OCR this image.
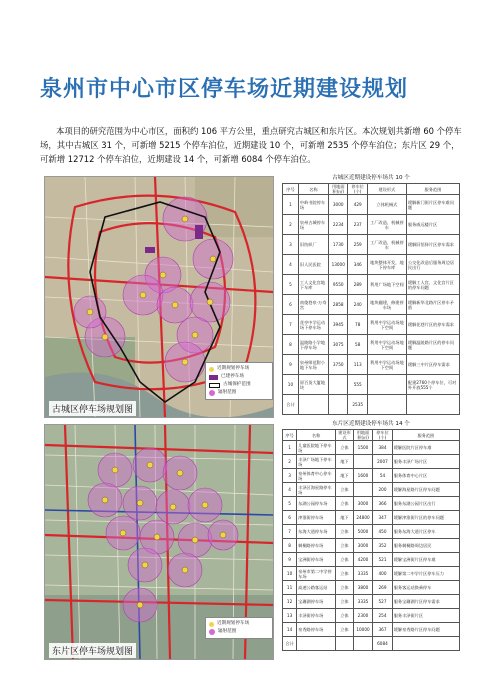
泉州市中心市区停车场近期建设规划
本项目的研究范围为中心市区，面积约 106 平方公里，重点研究古城区和东片区。本次规划共新增 60 个停车场，其中古城区 31 个，可新增 5215 个停车泊位，近期建设 10 个，可新增 2535 个停车泊位；东片区 29 个，可新增 12712 个停车泊位，近期建设 14 个，可新增 6084 个停车泊位。
近期规划停车场
已建停车场
古城保护范围
辐射范围
古城区停车场规划图
古城区近期建设停车场共 10 个
序号	名称	用地面积(㎡)	停车位(个)	建设形式	服务范围
1	中岭书院停车场	3000	429	立体机械式	缓解新门街片区停车难问题
2	泉州古城停车场	2234	237	工厂改造，机械停车	服务威远楼片区
3	旧纺织厂	1730	259	工厂改造，机械停车	缓解旧馆驿片区停车需求
4	旧人民医院	13000	346	地块整体开发，地下停车库	公交化改造后服务周边居民出行
5	工人文化宫地下车库	9550	289	利用广场地下空间	缓解工人宫、文化宫片区的停车问题
6	南俊巷泉·万寿宫	2858	240	地块翻建，修建停车场	缓解新华北路片区停车矛盾
7	花亭中学运动场下停车场	3945	78	利用中学运动场地下空间	缓解花巷片区的停车需求
8	温陵路小学地下停车场	3075	58	利用中学运动场地下空间	缓解温陵路片区的停车问题
9	泉州师范附小地下车场	3750	113	利用中学运动场地下空间	缓解三中片区停车需求
10	原百货大厦地块		555		配建2760个停车位，可对外开放555个
合计			2535		
近期规划停车场
辐射范围
东片区停车场规划图
东片区近期建设停车场共 14 个
序号	名称	建设形式	用地面积(㎡)	停车位(个)	服务范围
1	儿童医院地下停车场	立体	1500	384	缓解医院片区停车难
2	丰泽广场地下停车场	地下		2007	服务丰泽广场片区
3	泉州体育中心停车场	地下	1600	54	服务体育中心片区
4	丰泽区海星路停车场	立体		200	缓解海星路片区停车问题
5	东湖公园停车场	立体	3000	366	服务东湖公园片区出行
6	津淮街停车场	地下	24800	347	缓解津淮街片区的停车问题
7	东海大道停车场	立体	5000	450	服务东海大道片区停车
8	刺桐路停车场	立体	3000	352	服务刺桐路周边居民
9	宝洲街停车场	立体	4200	521	缓解宝洲街片区停车难
10	泉州市第二中学停车场	立体	3335	400	缓解第二中学片区停车压力
11	高速公路客运站	立体	3800	269	服务客运站换乘停车
12	宝珊湖停车场	立体	3335	527	服务宝珊湖片区停车需求
13	丰泽街停车场	立体	2300	254	服务丰泽街片区
14	泉秀路停车场	立体	10000	367	缓解泉秀路片区停车问题
合计				6084	
